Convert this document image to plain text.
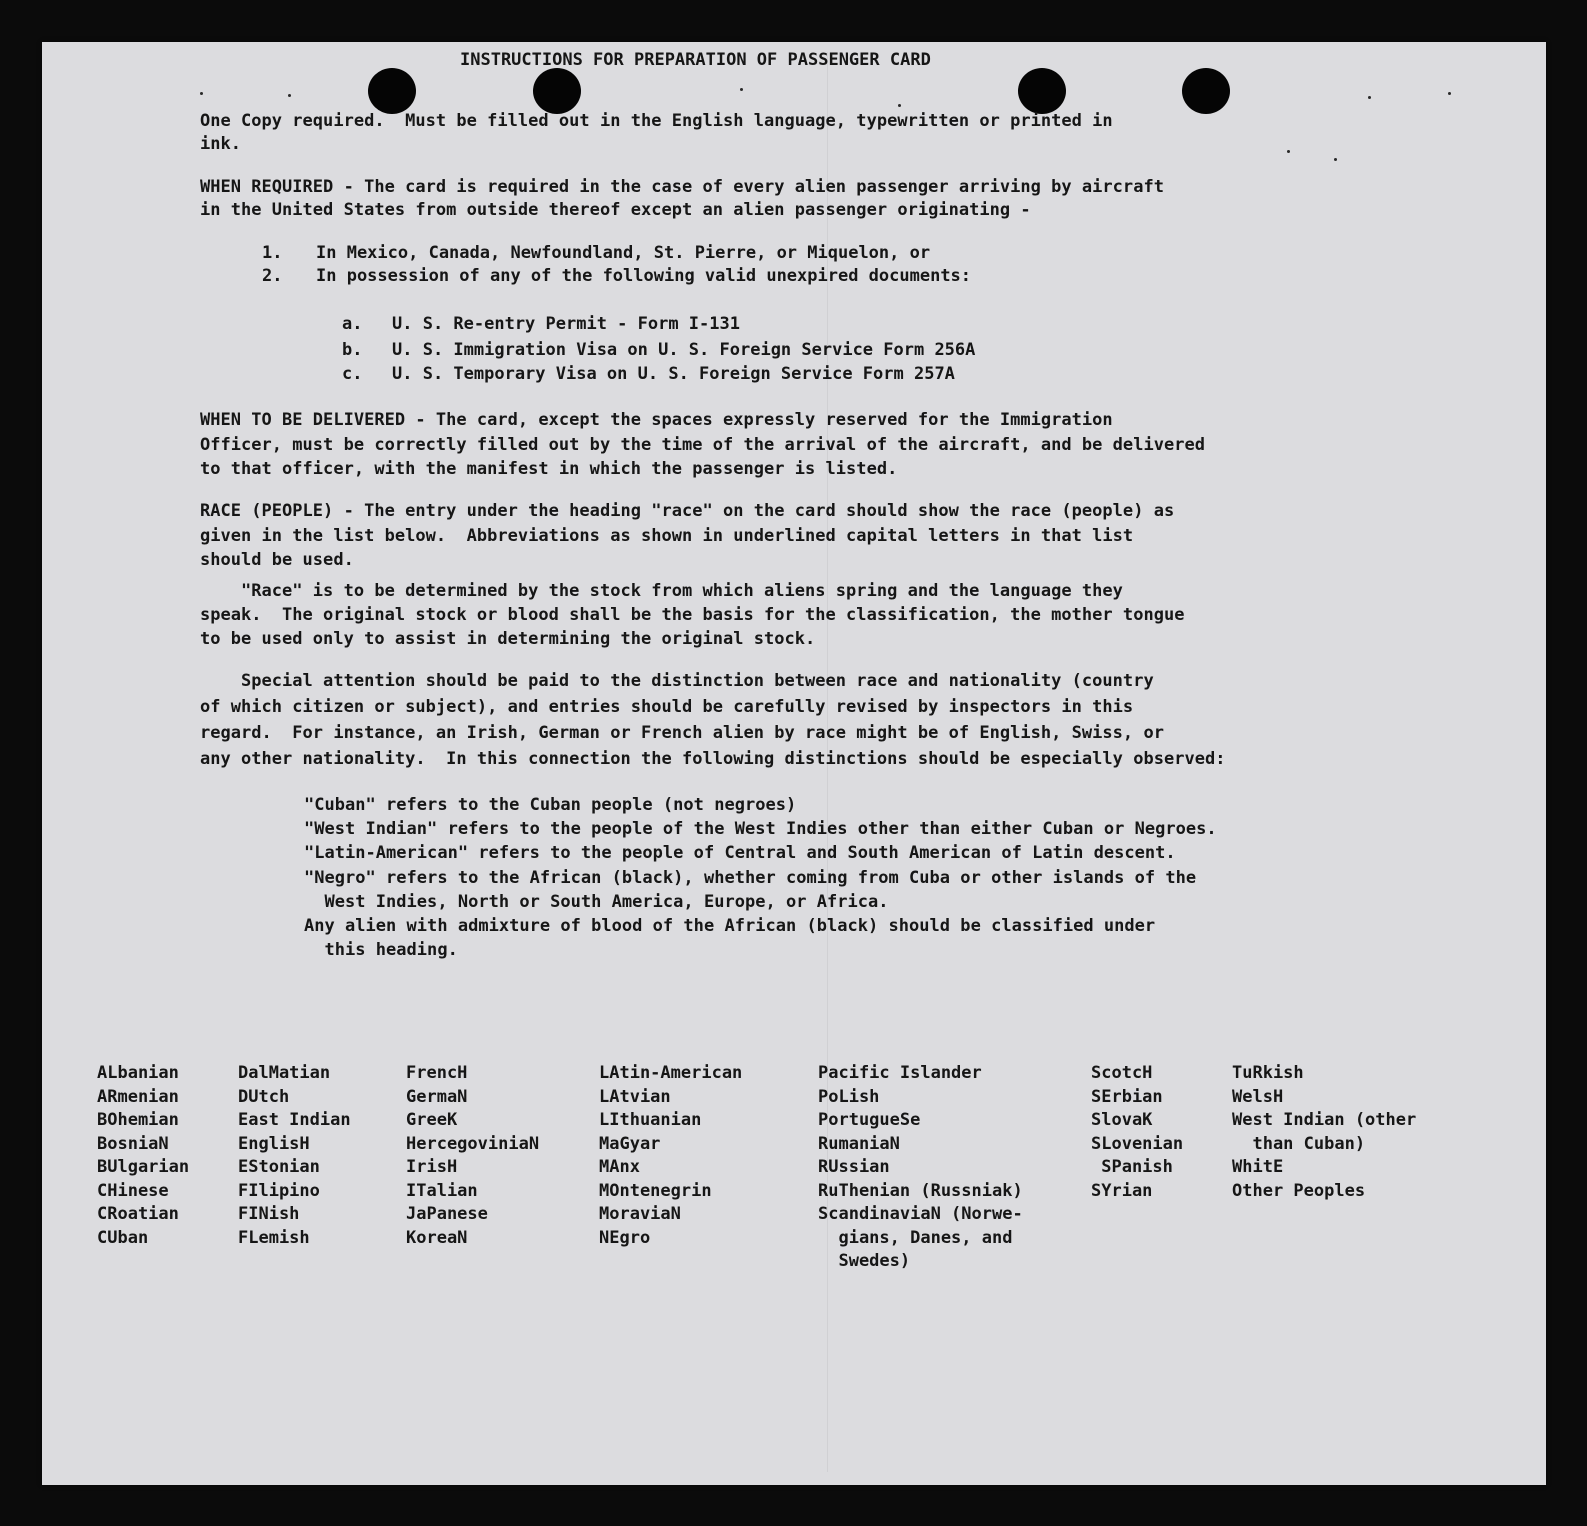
INSTRUCTIONS FOR PREPARATION OF PASSENGER CARD
One Copy required.  Must be filled out in the English language, typewritten or printed in
ink.
WHEN REQUIRED - The card is required in the case of every alien passenger arriving by aircraft
in the United States from outside thereof except an alien passenger originating -
1. In Mexico, Canada, Newfoundland, St. Pierre, or Miquelon, or
2. In possession of any of the following valid unexpired documents:
a. U. S. Re-entry Permit - Form I-131
b. U. S. Immigration Visa on U. S. Foreign Service Form 256A
c. U. S. Temporary Visa on U. S. Foreign Service Form 257A
WHEN TO BE DELIVERED - The card, except the spaces expressly reserved for the Immigration
Officer, must be correctly filled out by the time of the arrival of the aircraft, and be delivered
to that officer, with the manifest in which the passenger is listed.
RACE (PEOPLE) - The entry under the heading "race" on the card should show the race (people) as
given in the list below.  Abbreviations as shown in underlined capital letters in that list
should be used.
"Race" is to be determined by the stock from which aliens spring and the language they
speak.  The original stock or blood shall be the basis for the classification, the mother tongue
to be used only to assist in determining the original stock.
Special attention should be paid to the distinction between race and nationality (country
of which citizen or subject), and entries should be carefully revised by inspectors in this
regard.  For instance, an Irish, German or French alien by race might be of English, Swiss, or
any other nationality.  In this connection the following distinctions should be especially observed:
"Cuban" refers to the Cuban people (not negroes)
"West Indian" refers to the people of the West Indies other than either Cuban or Negroes.
"Latin-American" refers to the people of Central and South American of Latin descent.
"Negro" refers to the African (black), whether coming from Cuba or other islands of the
West Indies, North or South America, Europe, or Africa.
Any alien with admixture of blood of the African (black) should be classified under
this heading.

ALbanian
ARmenian
BOhemian
BosniaN
BUlgarian
CHinese
CRoatian
CUban

DalMatian
DUtch
East Indian
EnglisH
EStonian
FIlipino
FINish
FLemish

FrencH
GermaN
GreeK
HercegoviniaN
IrisH
ITalian
JaPanese
KoreaN

LAtin-American
LAtvian
LIthuanian
MaGyar
MAnx
MOntenegrin
MoraviaN
NEgro

Pacific Islander
PoLish
PortugueSe
RumaniaN
RUssian
RuThenian (Russniak)
ScandinaviaN (Norwe-
gians, Danes, and
Swedes)

ScotcH
SErbian
SlovaK
SLovenian
SPanish
SYrian

TuRkish
WelsH
West Indian (other
than Cuban)
WhitE
Other Peoples
